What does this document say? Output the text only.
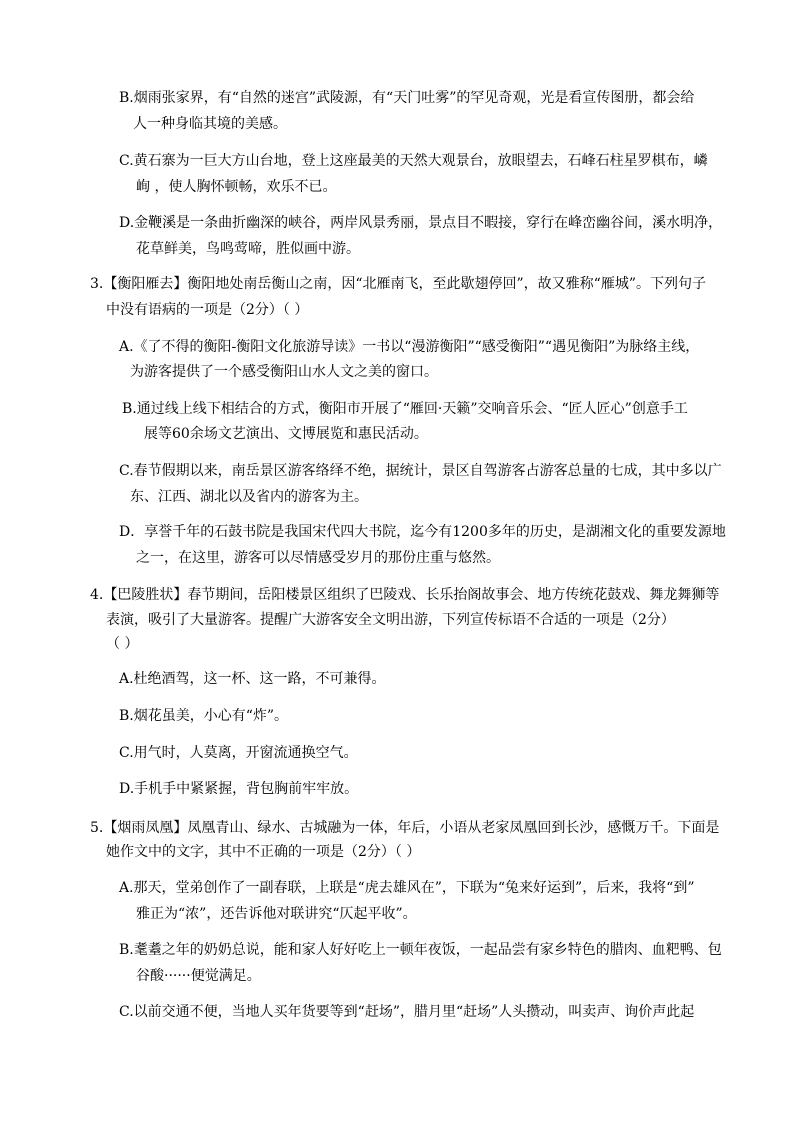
B.烟雨张家界，有“自然的迷宫”武陵源，有“天门吐雾”的罕见奇观，光是看宣传图册，都会给
人一种身临其境的美感。
C.黄石寨为一巨大方山台地，登上这座最美的天然大观景台，放眼望去，石峰石柱星罗棋布，嶙
峋 ，使人胸怀顿畅，欢乐不已。
D.金鞭溪是一条曲折幽深的峡谷，两岸风景秀丽，景点目不暇接，穿行在峰峦幽谷间，溪水明净，
花草鲜美，鸟鸣莺啼，胜似画中游。
3.【衡阳雁去】衡阳地处南岳衡山之南，因“北雁南飞，至此歇翅停回”，故又雅称“雁城”。下列句子
中没有语病的一项是（2分）（ ）
A.《了不得的衡阳-衡阳文化旅游导读》一书以“漫游衡阳”“感受衡阳”“遇见衡阳”为脉络主线，
为游客提供了一个感受衡阳山水人文之美的窗口。
B.通过线上线下相结合的方式，衡阳市开展了“雁回·天籁”交响音乐会、“匠人匠心”创意手工
展等60余场文艺演出、文博展览和惠民活动。
C.春节假期以来，南岳景区游客络绎不绝，据统计，景区自驾游客占游客总量的七成，其中多以广
东、江西、湖北以及省内的游客为主。
D．享誉千年的石鼓书院是我国宋代四大书院，迄今有1200多年的历史，是湖湘文化的重要发源地
之一，在这里，游客可以尽情感受岁月的那份庄重与悠然。
4.【巴陵胜状】春节期间，岳阳楼景区组织了巴陵戏、长乐抬阁故事会、地方传统花鼓戏、舞龙舞狮等
表演，吸引了大量游客。提醒广大游客安全文明出游，下列宣传标语不合适的一项是（2分）
（ ）
A.杜绝酒驾，这一杯、这一路，不可兼得。
B.烟花虽美，小心有“炸”。
C.用气时，人莫离，开窗流通换空气。
D.手机手中紧紧握，背包胸前牢牢放。
5.【烟雨凤凰】凤凰青山、绿水、古城融为一体，年后，小语从老家凤凰回到长沙，感慨万千。下面是
她作文中的文字，其中不正确的一项是（2分）（ ）
A.那天，堂弟创作了一副春联，上联是“虎去雄风在”，下联为“兔来好运到”，后来，我将“到”
雅正为“浓”，还告诉他对联讲究“仄起平收”。
B.耄耋之年的奶奶总说，能和家人好好吃上一顿年夜饭，一起品尝有家乡特色的腊肉、血粑鸭、包
谷酸······便觉满足。
C.以前交通不便，当地人买年货要等到“赶场”，腊月里“赶场”人头攒动，叫卖声、询价声此起
